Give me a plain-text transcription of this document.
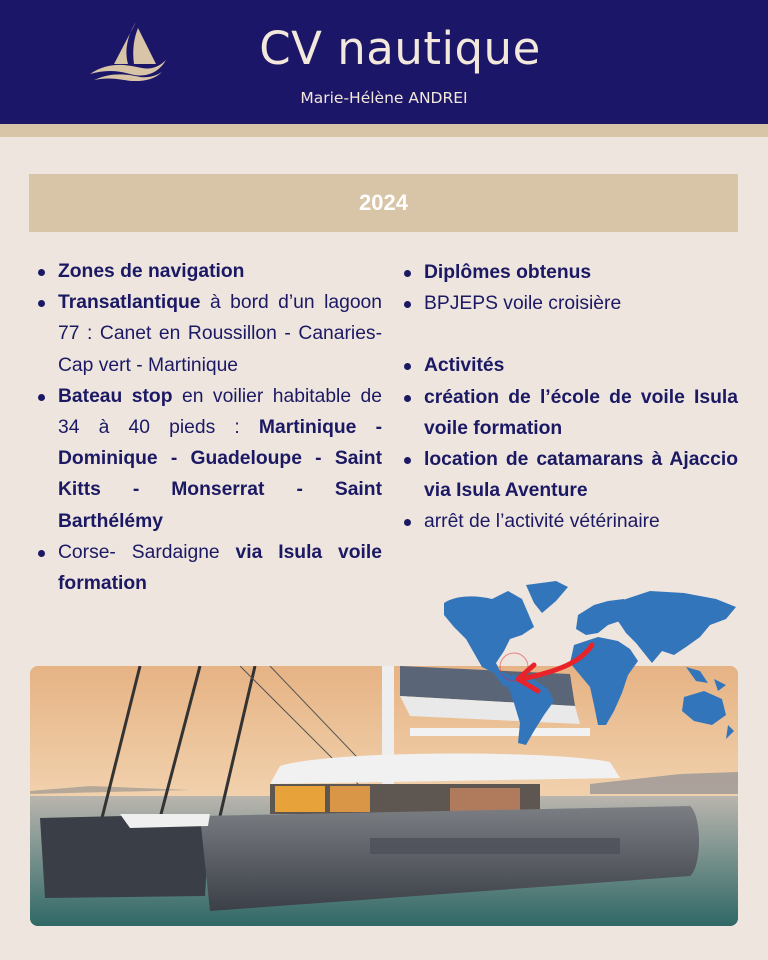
CV nautique
Marie-Hélène ANDREI
2024
Zones de navigation
Transatlantique à bord d’un lagoon 77 : Canet en Roussillon - Canaries- Cap vert - Martinique
Bateau stop en voilier habitable de 34 à 40 pieds : Martinique - Dominique - Guadeloupe - Saint Kitts - Monserrat - Saint Barthélémy
Corse- Sardaigne via Isula voile formation
Diplômes obtenus
BPJEPS voile croisière
Activités
création de l’école de voile Isula voile formation
location de catamarans à Ajaccio via Isula Aventure
arrêt de l’activité vétérinaire
